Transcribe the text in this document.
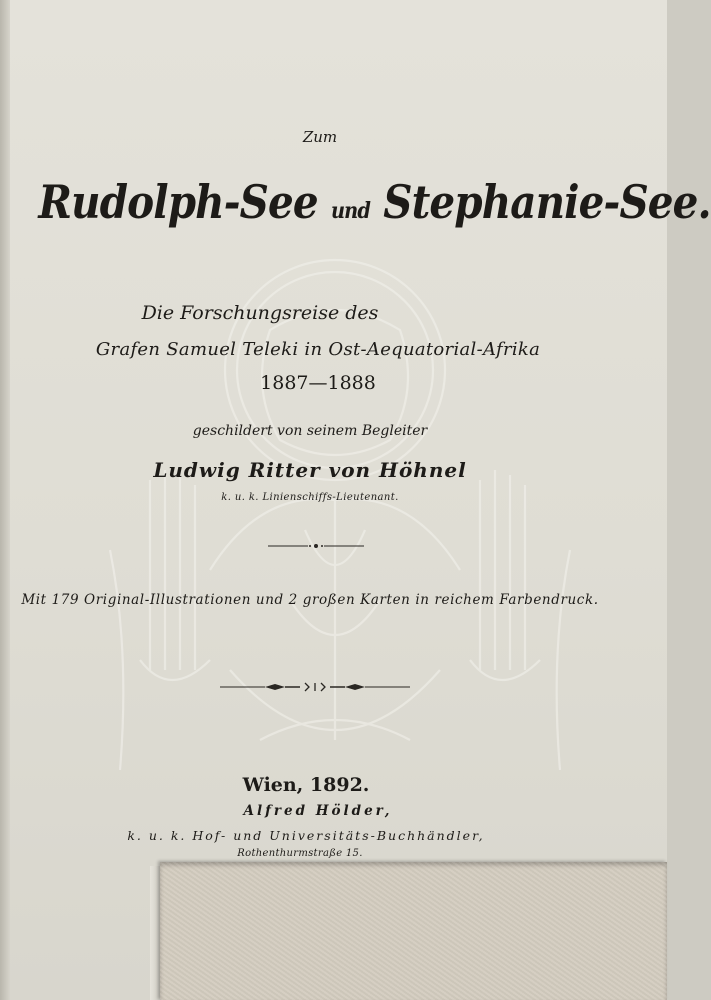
Zum
Rudolph-See und Stephanie-See.
Die Forschungsreise des
Grafen Samuel Teleki in Ost-Aequatorial-Afrika
1887—1888
geschildert von seinem Begleiter
Ludwig Ritter von Höhnel
k. u. k. Linienschiffs-Lieutenant.
Mit 179 Original-Illustrationen und 2 großen Karten in reichem Farbendruck.
Wien, 1892.
Alfred Hölder,
k. u. k. Hof- und Universitäts-Buchhändler,
Rothenthurmstraße 15.
